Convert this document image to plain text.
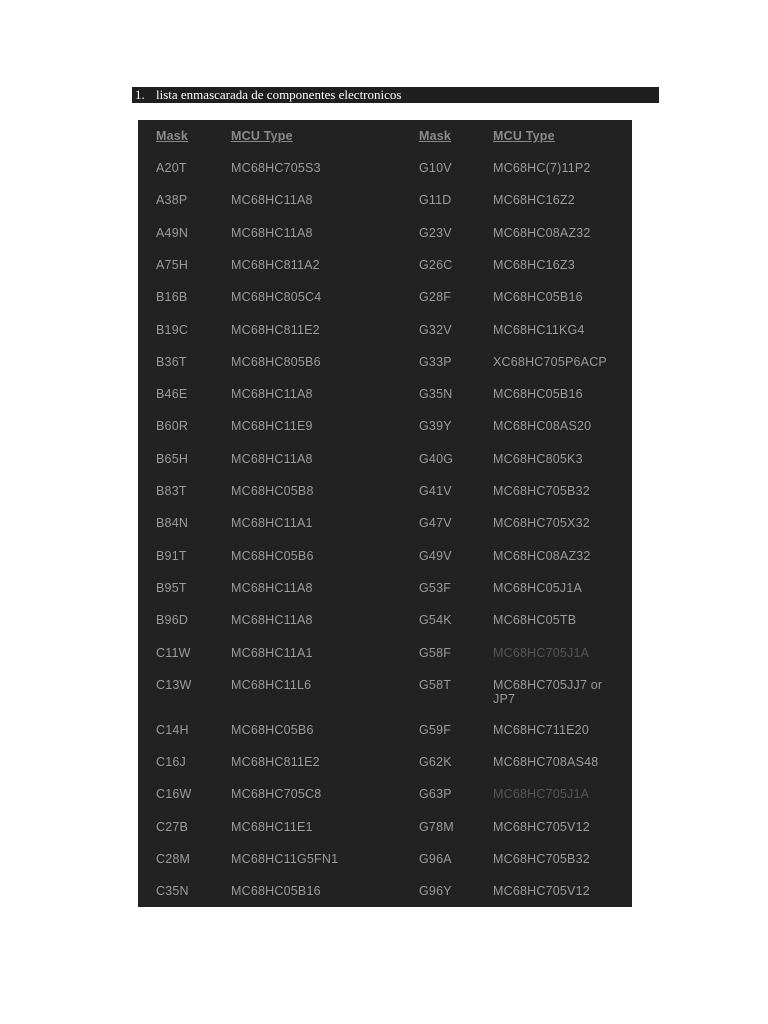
1. lista enmascarada de componentes electronicos
Mask	MCU Type	Mask	MCU Type
A20T	MC68HC705S3	G10V	MC68HC(7)11P2
A38P	MC68HC11A8	G11D	MC68HC16Z2
A49N	MC68HC11A8	G23V	MC68HC08AZ32
A75H	MC68HC811A2	G26C	MC68HC16Z3
B16B	MC68HC805C4	G28F	MC68HC05B16
B19C	MC68HC811E2	G32V	MC68HC11KG4
B36T	MC68HC805B6	G33P	XC68HC705P6ACP
B46E	MC68HC11A8	G35N	MC68HC05B16
B60R	MC68HC11E9	G39Y	MC68HC08AS20
B65H	MC68HC11A8	G40G	MC68HC805K3
B83T	MC68HC05B8	G41V	MC68HC705B32
B84N	MC68HC11A1	G47V	MC68HC705X32
B91T	MC68HC05B6	G49V	MC68HC08AZ32
B95T	MC68HC11A8	G53F	MC68HC05J1A
B96D	MC68HC11A8	G54K	MC68HC05TB
C11W	MC68HC11A1	G58F	MC68HC705J1A
C13W	MC68HC11L6	G58T	MC68HC705JJ7 or JP7
C14H	MC68HC05B6	G59F	MC68HC711E20
C16J	MC68HC811E2	G62K	MC68HC708AS48
C16W	MC68HC705C8	G63P	MC68HC705J1A
C27B	MC68HC11E1	G78M	MC68HC705V12
C28M	MC68HC11G5FN1	G96A	MC68HC705B32
C35N	MC68HC05B16	G96Y	MC68HC705V12
